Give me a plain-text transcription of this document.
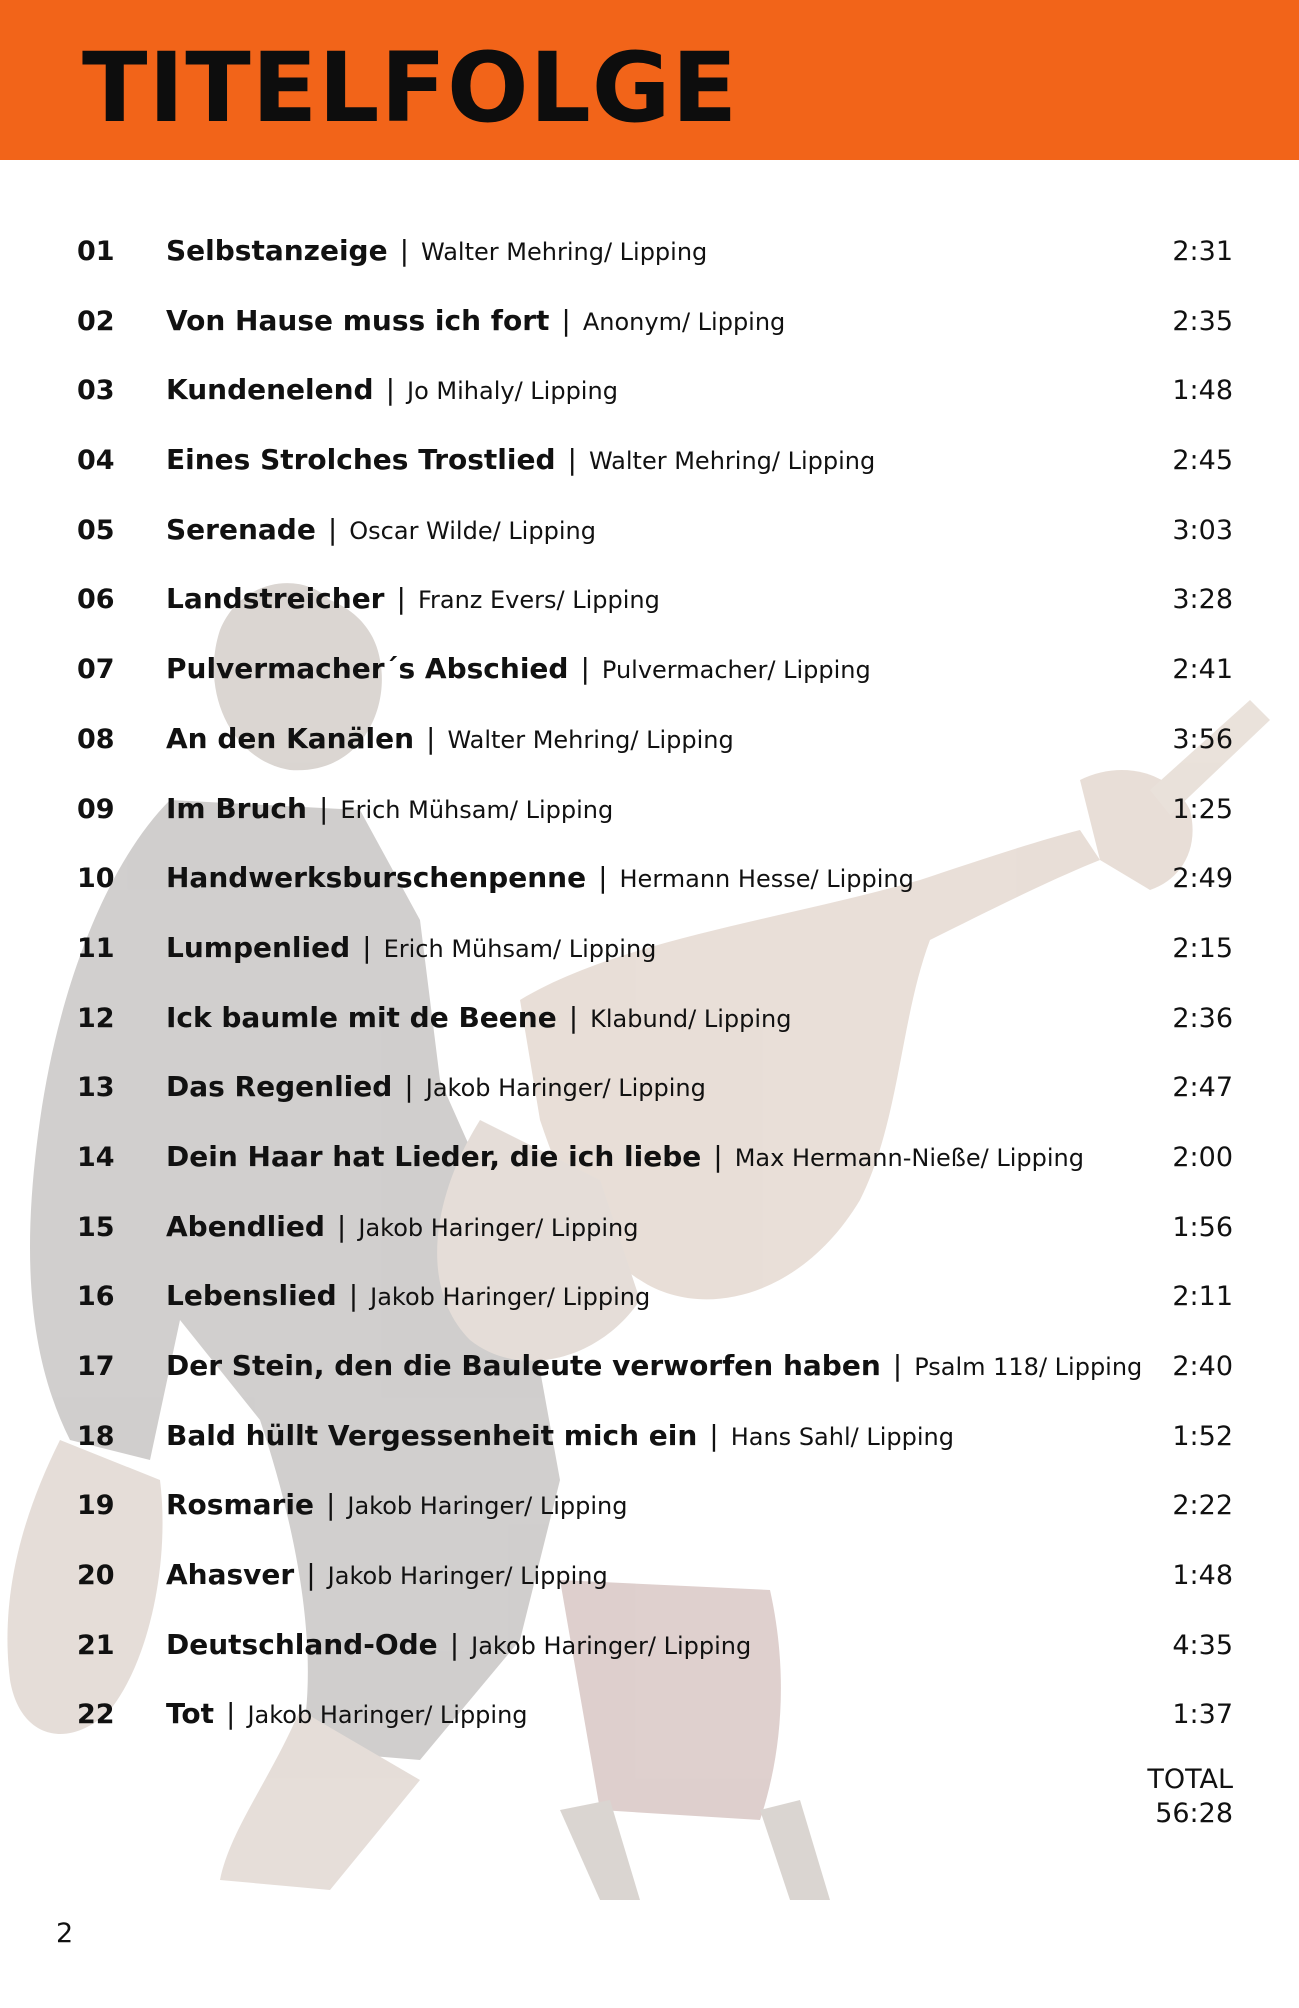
TITELFOLGE
01 Selbstanzeige | Walter Mehring/ Lipping	2:31
02 Von Hause muss ich fort | Anonym/ Lipping	2:35
03 Kundenelend | Jo Mihaly/ Lipping	1:48
04 Eines Strolches Trostlied | Walter Mehring/ Lipping	2:45
05 Serenade | Oscar Wilde/ Lipping	3:03
06 Landstreicher | Franz Evers/ Lipping	3:28
07 Pulvermacher´s Abschied | Pulvermacher/ Lipping	2:41
08 An den Kanälen | Walter Mehring/ Lipping	3:56
09 Im Bruch | Erich Mühsam/ Lipping	1:25
10 Handwerksburschenpenne | Hermann Hesse/ Lipping	2:49
11 Lumpenlied | Erich Mühsam/ Lipping	2:15
12 Ick baumle mit de Beene | Klabund/ Lipping	2:36
13 Das Regenlied | Jakob Haringer/ Lipping	2:47
14 Dein Haar hat Lieder, die ich liebe | Max Hermann-Nieße/ Lipping	2:00
15 Abendlied | Jakob Haringer/ Lipping	1:56
16 Lebenslied | Jakob Haringer/ Lipping	2:11
17 Der Stein, den die Bauleute verworfen haben | Psalm 118/ Lipping 2:40
18 Bald hüllt Vergessenheit mich ein | Hans Sahl/ Lipping	1:52
19 Rosmarie | Jakob Haringer/ Lipping	2:22
20 Ahasver | Jakob Haringer/ Lipping	1:48
21 Deutschland-Ode | Jakob Haringer/ Lipping	4:35
22 Tot | Jakob Haringer/ Lipping	1:37
TOTAL
56:28
2
